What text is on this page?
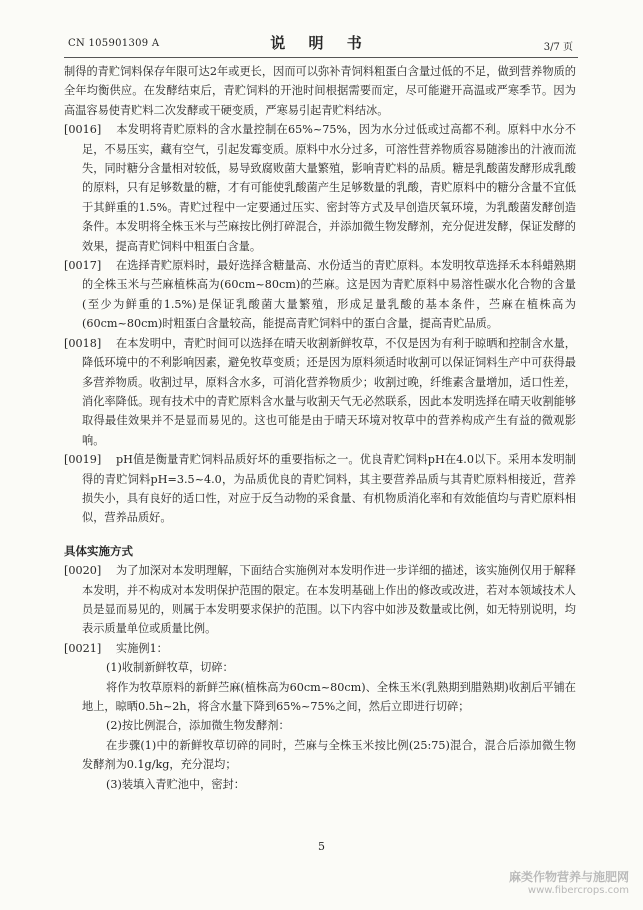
CN 105901309 A	说 明 书	3/7 页

制得的青贮饲料保存年限可达2年或更长，因而可以弥补青饲料粗蛋白含量过低的不足，做到营养物质的全年均衡供应。在发酵结束后，青贮饲料的开池时间根据需要而定，尽可能避开高温或严寒季节。因为高温容易使青贮料二次发酵或干硬变质，严寒易引起青贮料结冰。

[0016] 本发明将青贮原料的含水量控制在65%~75%，因为水分过低或过高都不利。原料中水分不足，不易压实，藏有空气，引起发霉变质。原料中水分过多，可溶性营养物质容易随渗出的汁液而流失，同时糖分含量相对较低，易导致腐败菌大量繁殖，影响青贮料的品质。糖是乳酸菌发酵形成乳酸的原料，只有足够数量的糖，才有可能使乳酸菌产生足够数量的乳酸，青贮原料中的糖分含量不宜低于其鲜重的1.5%。青贮过程中一定要通过压实、密封等方式及早创造厌氧环境，为乳酸菌发酵创造条件。本发明将全株玉米与苎麻按比例打碎混合，并添加微生物发酵剂，充分促进发酵，保证发酵的效果，提高青贮饲料中粗蛋白含量。

[0017] 在选择青贮原料时，最好选择含糖量高、水份适当的青贮原料。本发明牧草选择禾本科蜡熟期的全株玉米与苎麻植株高为(60cm~80cm)的苎麻。这是因为青贮原料中易溶性碳水化合物的含量(至少为鲜重的1.5%)是保证乳酸菌大量繁殖，形成足量乳酸的基本条件，苎麻在植株高为(60cm~80cm)时粗蛋白含量较高，能提高青贮饲料中的蛋白含量，提高青贮品质。

[0018] 在本发明中，青贮时间可以选择在晴天收割新鲜牧草，不仅是因为有利于晾晒和控制含水量，降低环境中的不利影响因素，避免牧草变质；还是因为原料须适时收割可以保证饲料生产中可获得最多营养物质。收割过早，原料含水多，可消化营养物质少；收割过晚，纤维素含量增加，适口性差，消化率降低。现有技术中的青贮原料含水量与收割天气无必然联系，因此本发明选择在晴天收割能够取得最佳效果并不是显而易见的。这也可能是由于晴天环境对牧草中的营养构成产生有益的微观影响。

[0019] pH值是衡量青贮饲料品质好坏的重要指标之一。优良青贮饲料pH在4.0以下。采用本发明制得的青贮饲料pH=3.5~4.0，为品质优良的青贮饲料，其主要营养品质与其青贮原料相接近，营养损失小，具有良好的适口性，对应于反刍动物的采食量、有机物质消化率和有效能值均与青贮原料相似，营养品质好。

具体实施方式

[0020] 为了加深对本发明理解，下面结合实施例对本发明作进一步详细的描述，该实施例仅用于解释本发明，并不构成对本发明保护范围的限定。在本发明基础上作出的修改或改进，若对本领域技术人员是显而易见的，则属于本发明要求保护的范围。以下内容中如涉及数量或比例，如无特别说明，均表示质量单位或质量比例。

[0021] 实施例1：

(1)收制新鲜牧草，切碎：

将作为牧草原料的新鲜苎麻(植株高为60cm~80cm)、全株玉米(乳熟期到腊熟期)收割后平铺在地上，晾晒0.5h~2h，将含水量下降到65%~75%之间，然后立即进行切碎；

(2)按比例混合，添加微生物发酵剂：

在步骤(1)中的新鲜牧草切碎的同时，苎麻与全株玉米按比例(25:75)混合，混合后添加微生物发酵剂为0.1g/kg，充分混均；

(3)装填入青贮池中，密封：

5
麻类作物营养与施肥网
www.fibercrops.com
